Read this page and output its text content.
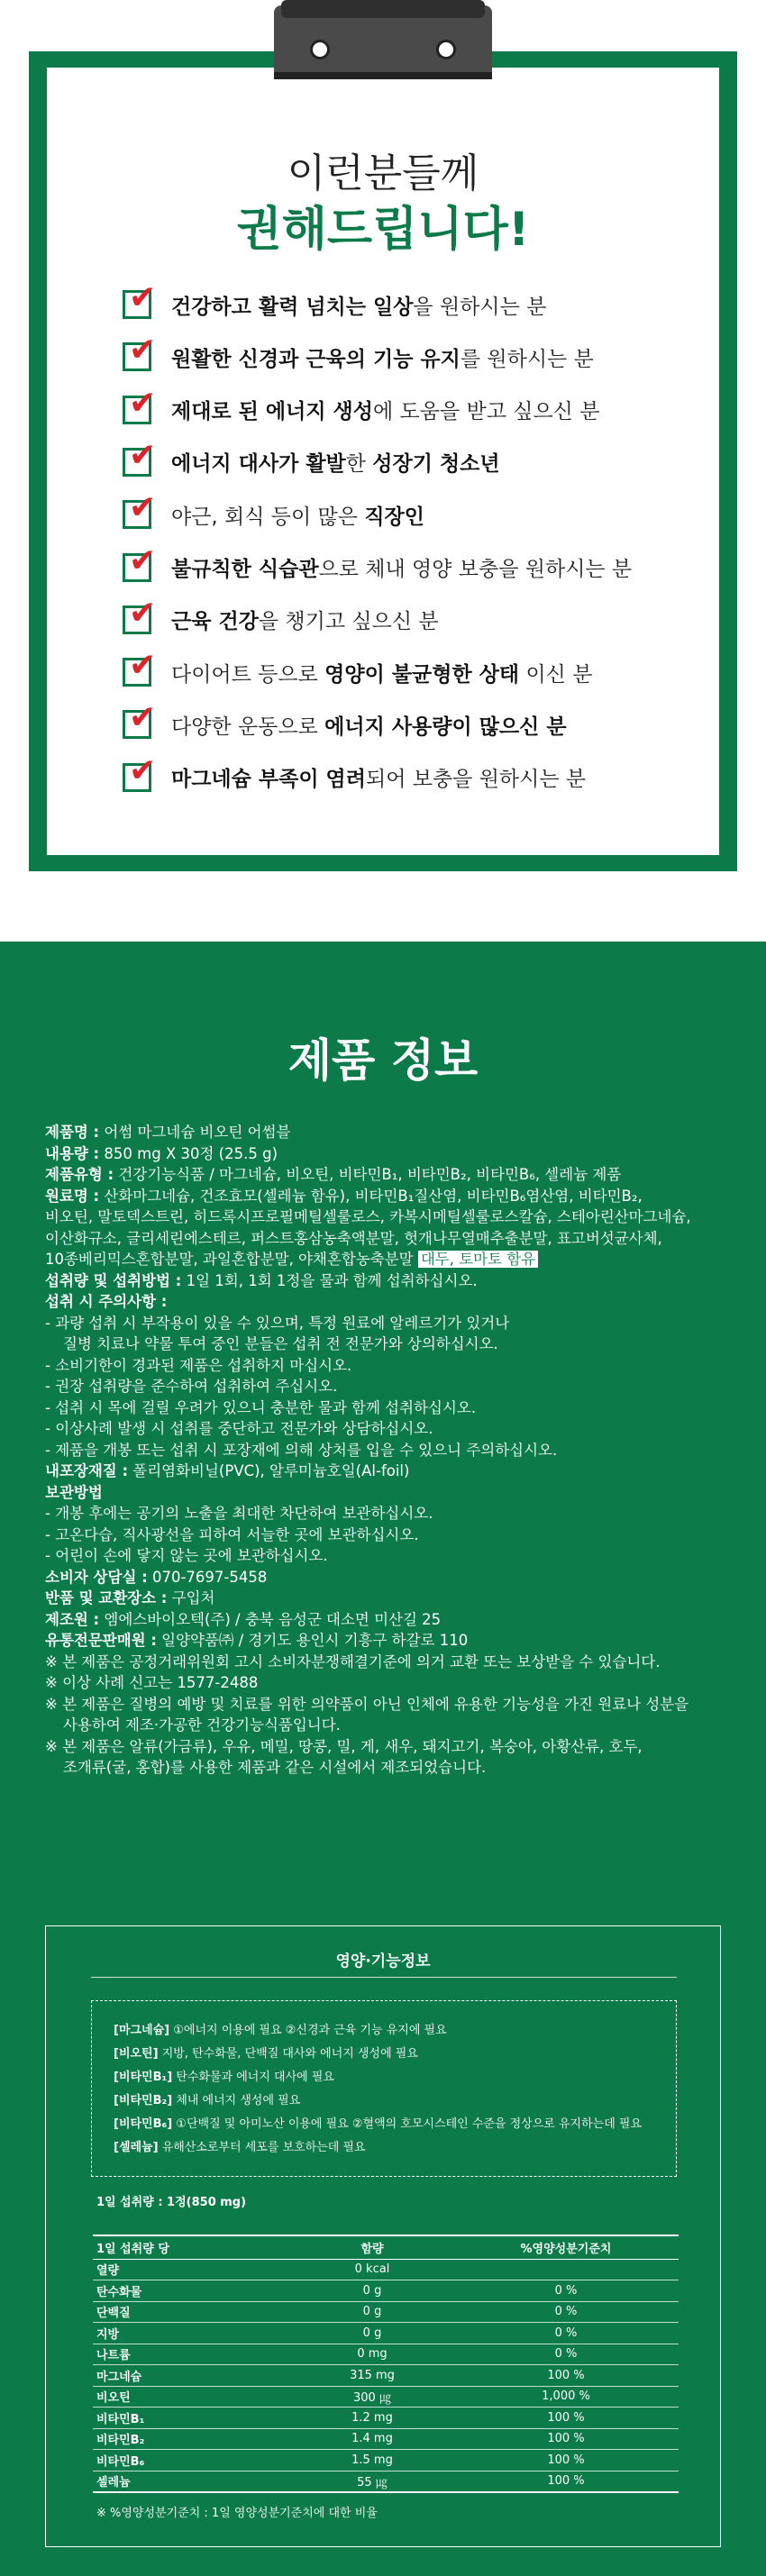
이런분들께
권해드립니다!
✔ 건강하고 활력 넘치는 일상을 원하시는 분
✔ 원활한 신경과 근육의 기능 유지를 원하시는 분
✔ 제대로 된 에너지 생성에 도움을 받고 싶으신 분
✔ 에너지 대사가 활발한 성장기 청소년
✔ 야근, 회식 등이 많은 직장인
✔ 불규칙한 식습관으로 체내 영양 보충을 원하시는 분
✔ 근육 건강을 챙기고 싶으신 분
✔ 다이어트 등으로 영양이 불균형한 상태 이신 분
✔ 다양한 운동으로 에너지 사용량이 많으신 분
✔ 마그네슘 부족이 염려되어 보충을 원하시는 분
제품 정보
제품명 : 어썸 마그네슘 비오틴 어썸블
내용량 : 850 mg X 30정 (25.5 g)
제품유형 : 건강기능식품 / 마그네슘, 비오틴, 비타민B₁, 비타민B₂, 비타민B₆, 셀레늄 제품
원료명 : 산화마그네슘, 건조효모(셀레늄 함유), 비타민B₁질산염, 비타민B₆염산염, 비타민B₂,
비오틴, 말토덱스트린, 히드록시프로필메틸셀룰로스, 카복시메틸셀룰로스칼슘, 스테아린산마그네슘,
이산화규소, 글리세린에스테르, 퍼스트홍삼농축액분말, 헛개나무열매추출분말, 표고버섯균사체,
10종베리믹스혼합분말, 과일혼합분말, 야채혼합농축분말 대두, 토마토 함유
섭취량 및 섭취방법 : 1일 1회, 1회 1정을 물과 함께 섭취하십시오.
섭취 시 주의사항 :
- 과량 섭취 시 부작용이 있을 수 있으며, 특정 원료에 알레르기가 있거나
질병 치료나 약물 투여 중인 분들은 섭취 전 전문가와 상의하십시오.
- 소비기한이 경과된 제품은 섭취하지 마십시오.
- 권장 섭취량을 준수하여 섭취하여 주십시오.
- 섭취 시 목에 걸릴 우려가 있으니 충분한 물과 함께 섭취하십시오.
- 이상사례 발생 시 섭취를 중단하고 전문가와 상담하십시오.
- 제품을 개봉 또는 섭취 시 포장재에 의해 상처를 입을 수 있으니 주의하십시오.
내포장재질 : 폴리염화비닐(PVC), 알루미늄호일(Al-foil)
보관방법
- 개봉 후에는 공기의 노출을 최대한 차단하여 보관하십시오.
- 고온다습, 직사광선을 피하여 서늘한 곳에 보관하십시오.
- 어린이 손에 닿지 않는 곳에 보관하십시오.
소비자 상담실 : 070-7697-5458
반품 및 교환장소 : 구입처
제조원 : 엠에스바이오텍(주) / 충북 음성군 대소면 미산길 25
유통전문판매원 : 일양약품㈜ / 경기도 용인시 기흥구 하갈로 110
※ 본 제품은 공정거래위원회 고시 소비자분쟁해결기준에 의거 교환 또는 보상받을 수 있습니다.
※ 이상 사례 신고는 1577-2488
※ 본 제품은 질병의 예방 및 치료를 위한 의약품이 아닌 인체에 유용한 기능성을 가진 원료나 성분을
사용하여 제조·가공한 건강기능식품입니다.
※ 본 제품은 알류(가금류), 우유, 메밀, 땅콩, 밀, 게, 새우, 돼지고기, 복숭아, 아황산류, 호두,
조개류(굴, 홍합)를 사용한 제품과 같은 시설에서 제조되었습니다.
영양·기능정보
[마그네슘] ①에너지 이용에 필요 ②신경과 근육 기능 유지에 필요
[비오틴] 지방, 탄수화물, 단백질 대사와 에너지 생성에 필요
[비타민B₁] 탄수화물과 에너지 대사에 필요
[비타민B₂] 체내 에너지 생성에 필요
[비타민B₆] ①단백질 및 아미노산 이용에 필요 ②혈액의 호모시스테인 수준을 정상으로 유지하는데 필요
[셀레늄] 유해산소로부터 세포를 보호하는데 필요
1일 섭취량 : 1정(850 mg)
1일 섭취량 당	함량	%영양성분기준치
열량	0 kcal	
탄수화물	0 g	0 %
단백질	0 g	0 %
지방	0 g	0 %
나트륨	0 mg	0 %
마그네슘	315 mg	100 %
비오틴	300 ㎍	1,000 %
비타민B₁	1.2 mg	100 %
비타민B₂	1.4 mg	100 %
비타민B₆	1.5 mg	100 %
셀레늄	55 ㎍	100 %
※ %영양성분기준치 : 1일 영양성분기준치에 대한 비율
